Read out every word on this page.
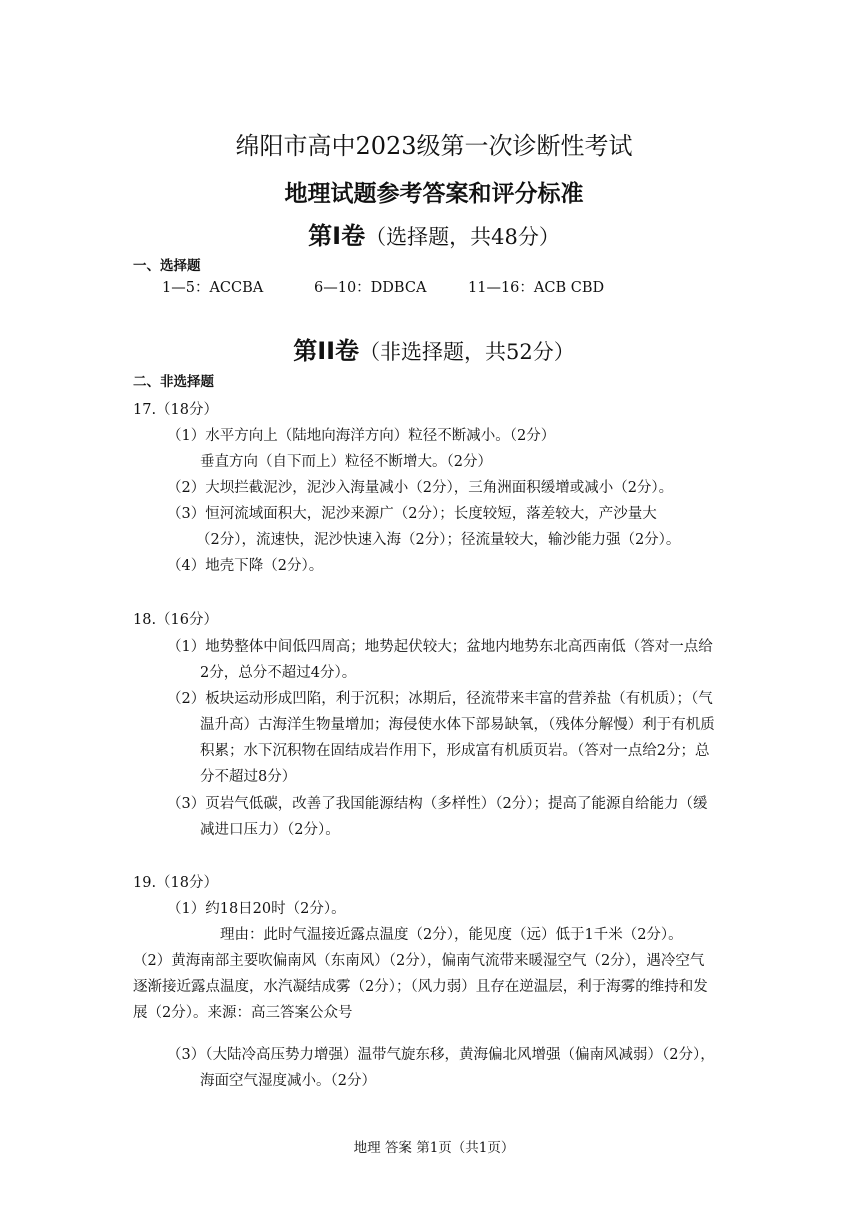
绵阳市高中2023级第一次诊断性考试
地理试题参考答案和评分标准
第I卷（选择题，共48分）
一、选择题
1—5：ACCBA	6—10：DDBCA	11—16：ACB CBD
第II卷（非选择题，共52分）
二、非选择题
17.（18分）
（1）水平方向上（陆地向海洋方向）粒径不断减小。（2分）
垂直方向（自下而上）粒径不断增大。（2分）
（2）大坝拦截泥沙，泥沙入海量减小（2分），三角洲面积缓增或减小（2分）。
（3）恒河流域面积大，泥沙来源广（2分）；长度较短，落差较大，产沙量大
（2分），流速快，泥沙快速入海（2分）；径流量较大，输沙能力强（2分）。
（4）地壳下降（2分）。
18.（16分）
（1）地势整体中间低四周高；地势起伏较大；盆地内地势东北高西南低（答对一点给
2分，总分不超过4分）。
（2）板块运动形成凹陷，利于沉积；冰期后，径流带来丰富的营养盐（有机质）；（气
温升高）古海洋生物量增加；海侵使水体下部易缺氧，（残体分解慢）利于有机质
积累；水下沉积物在固结成岩作用下，形成富有机质页岩。（答对一点给2分；总
分不超过8分）
（3）页岩气低碳，改善了我国能源结构（多样性）（2分）；提高了能源自给能力（缓
减进口压力）（2分）。
19.（18分）
（1）约18日20时（2分）。
理由：此时气温接近露点温度（2分），能见度（远）低于1千米（2分）。
（2）黄海南部主要吹偏南风（东南风）（2分），偏南气流带来暖湿空气（2分），遇冷空气
逐渐接近露点温度，水汽凝结成雾（2分）；（风力弱）且存在逆温层，利于海雾的维持和发
展（2分）。来源：高三答案公众号
（3）（大陆冷高压势力增强）温带气旋东移，黄海偏北风增强（偏南风减弱）（2分），
海面空气湿度减小。（2分）
地理 答案 第1页（共1页）
